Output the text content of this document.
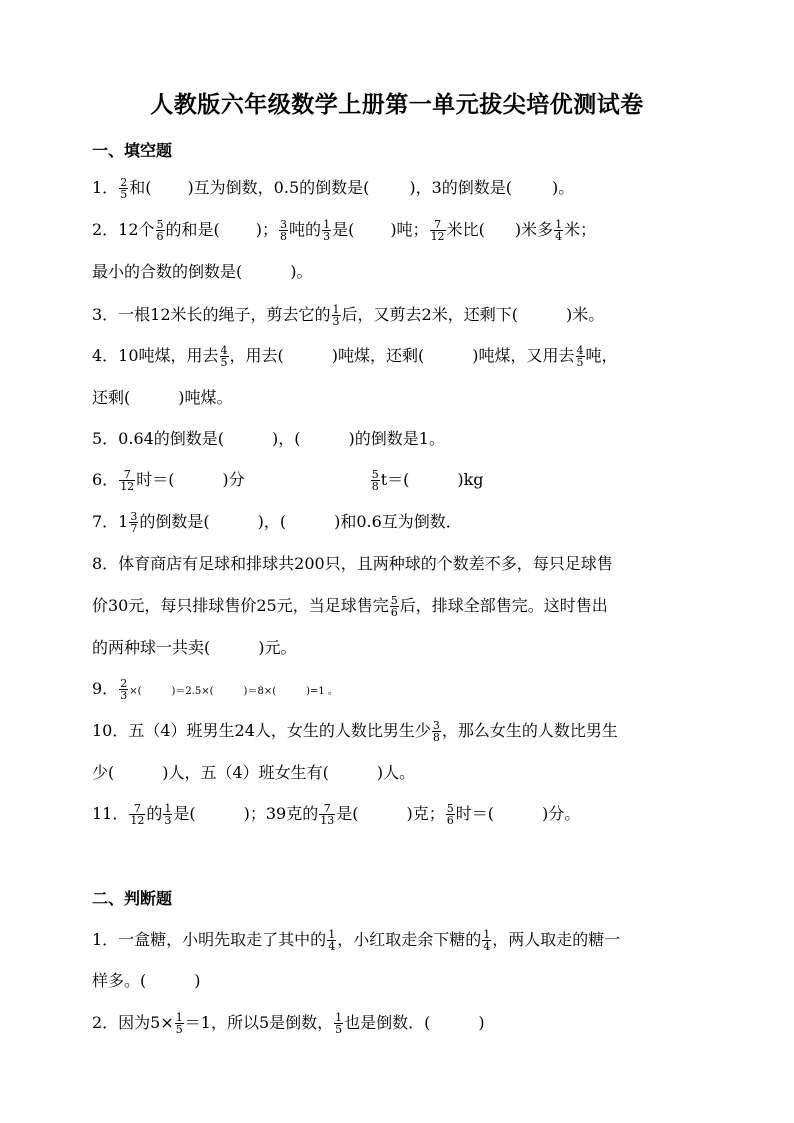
人教版六年级数学上册第一单元拔尖培优测试卷
一、填空题
1． $\frac{2}{5}$ 和( )互为倒数，0.5的倒数是(	)，3的倒数是(	)。
2．12个 $\frac{5}{6}$ 的和是( )； $\frac{3}{8}$ 吨的 $\frac{1}{3}$ 是( )吨； $\frac{7}{12}$ 米比( )米多 $\frac{1}{4}$ 米；
最小的合数的倒数是(　　　)。
3．一根12米长的绳子，剪去它的 $\frac{1}{3}$ 后，又剪去2米，还剩下(　　　)米。
4．10吨煤，用去 $\frac{4}{5}$ ，用去(　　　)吨煤，还剩(　　　)吨煤，又用去 $\frac{4}{5}$ 吨，
还剩(　　　)吨煤。
5．0.64的倒数是(　　　)，(　　　)的倒数是1。
6． $\frac{7}{12}$ 时＝(　　　)分	$\frac{5}{8} t=$(　　　)kg
7．$1 \frac{3}{7}$ 的倒数是(　　　)，(　　　)和0.6互为倒数．
8．体育商店有足球和排球共200只，且两种球的个数差不多，每只足球售
价30元，每只排球售价25元，当足球售完 $\frac{5}{6}$ 后，排球全部售完。这时售出
的两种球一共卖(　　　)元。
9． $\frac{2}{3}$ ×(　　　)＝2.5×(　　　)＝8×(　　　)=1 。
10．五（4）班男生24人，女生的人数比男生少 $\frac{3}{8}$ ，那么女生的人数比男生
少(　　　)人，五（4）班女生有(　　　)人。
11． $\frac{7}{12}$ 的 $\frac{1}{3}$ 是(　　　)；39克的 $\frac{7}{13}$ 是(　　　)克； $\frac{5}{6}$ 时＝(　　　)分。
二、判断题
1．一盒糖，小明先取走了其中的 $\frac{1}{4}$ ，小红取走余下糖的 $\frac{1}{4}$ ，两人取走的糖一
样多。(　　　)
2．因为$5\times \frac{1}{5} =1$，所以5是倒数， $\frac{1}{5}$ 也是倒数．(　　　)
